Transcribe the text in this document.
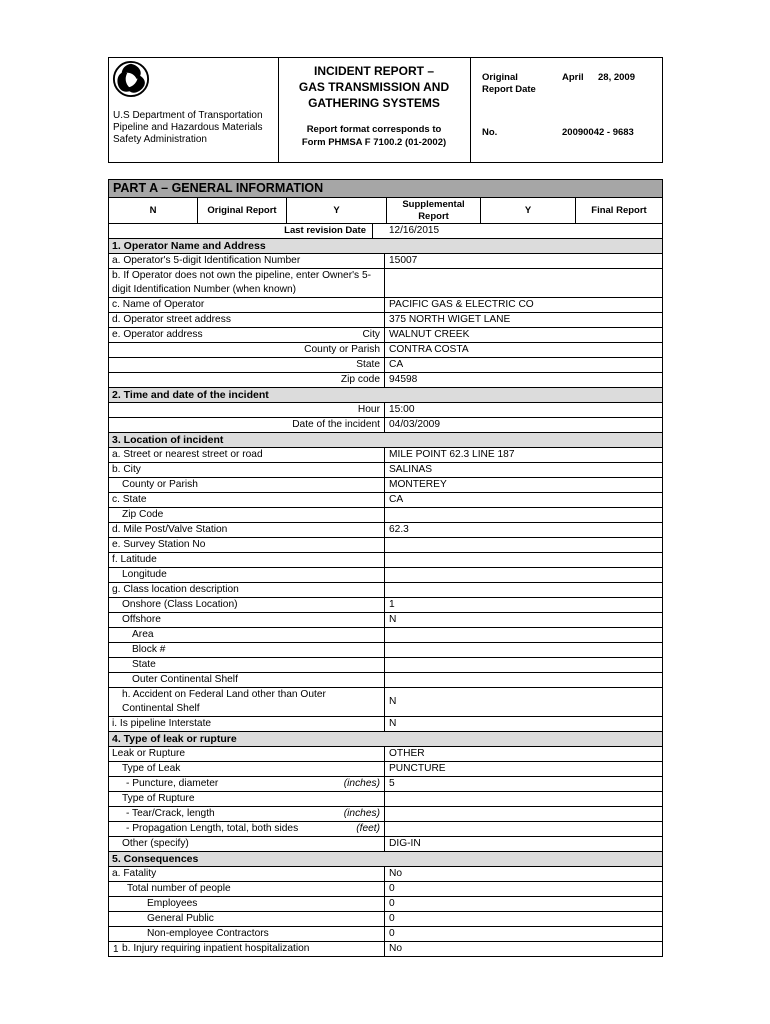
U.S Department of Transportation
Pipeline and Hazardous Materials
Safety Administration
INCIDENT REPORT –
GAS TRANSMISSION AND
GATHERING SYSTEMS
Report format corresponds to
Form PHMSA F 7100.2 (01-2002)
Original
Report Date
April 28, 2009
No.	20090042 - 9683
PART A – GENERAL INFORMATION
N	Original Report	Y
Supplemental
Report
Y	Final Report
Last revision Date	12/16/2015
1. Operator Name and Address
a. Operator's 5-digit Identification Number	15007
b. If Operator does not own the pipeline, enter Owner's 5-digit Identification Number (when known)
c. Name of Operator	PACIFIC GAS & ELECTRIC CO
d. Operator street address	375 NORTH WIGET LANE
e. Operator address	City WALNUT CREEK
County or Parish CONTRA COSTA
State CA
Zip code 94598
2. Time and date of the incident
Hour 15:00
Date of the incident 04/03/2009
3. Location of incident
a. Street or nearest street or road	MILE POINT 62.3 LINE 187
b. City	SALINAS
County or Parish	MONTEREY
c. State	CA
Zip Code
d. Mile Post/Valve Station	62.3
e. Survey Station No
f. Latitude
Longitude
g. Class location description
Onshore (Class Location)	1
Offshore	N
Area
Block #
State
Outer Continental Shelf
h. Accident on Federal Land other than Outer Continental Shelf
N
i. Is pipeline Interstate	N
4. Type of leak or rupture
Leak or Rupture	OTHER
Type of Leak	PUNCTURE
- Puncture, diameter	(inches) 5
Type of Rupture
- Tear/Crack, length	(inches)
- Propagation Length, total, both sides	(feet)
Other (specify)	DIG-IN
5. Consequences
a. Fatality	No
Total number of people	0
Employees	0
General Public	0
Non-employee Contractors	0
b. Injury requiring inpatient hospitalization	No
1
